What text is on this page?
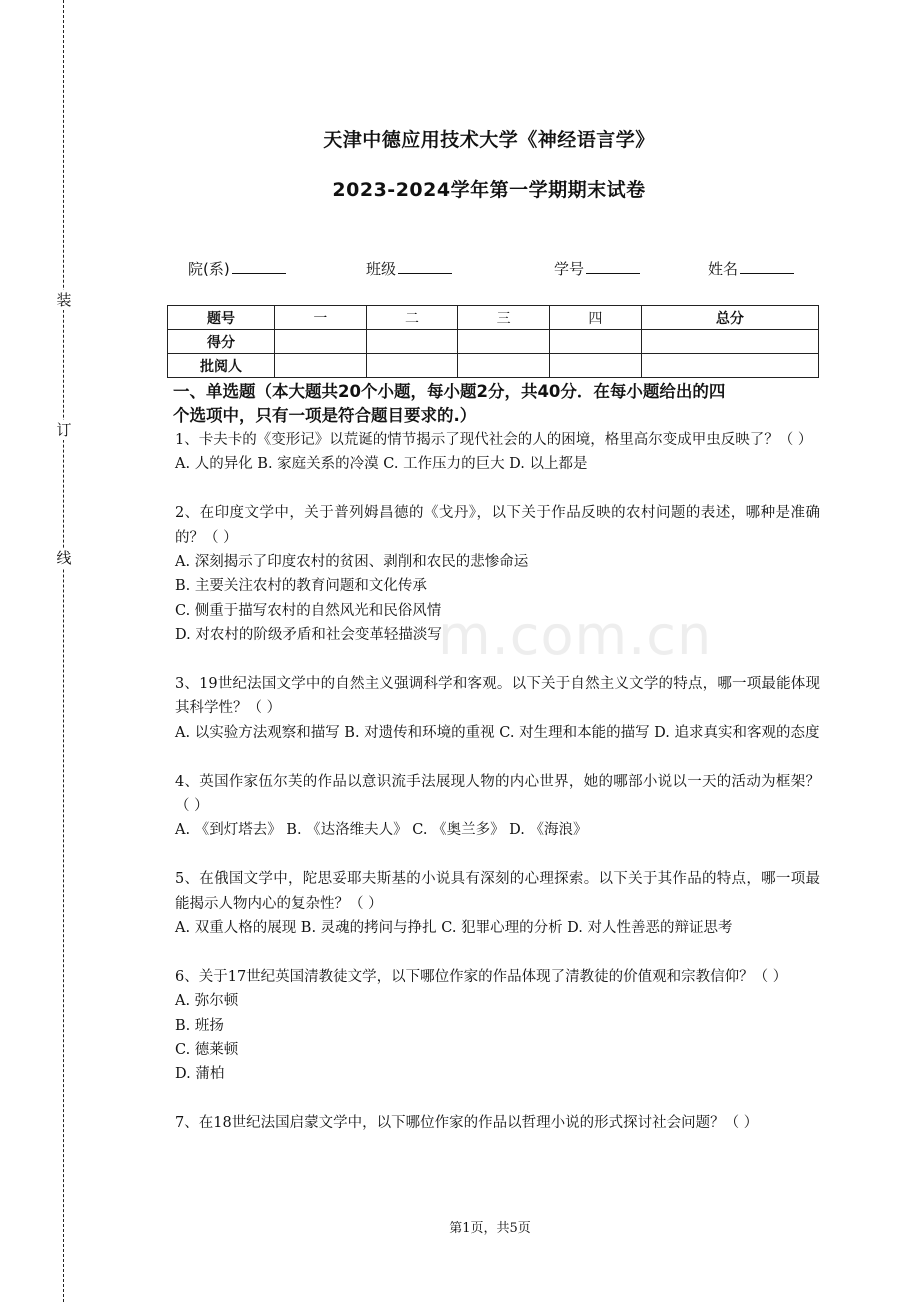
装
订
线
天津中德应用技术大学《神经语言学》
2023-2024学年第一学期期末试卷
院(系)	班级	学号	姓名
题号	一	二	三	四	总分
得分					
批阅人					
一、单选题（本大题共20个小题，每小题2分，共40分．在每小题给出的四
个选项中，只有一项是符合题目要求的.）
1、卡夫卡的《变形记》以荒诞的情节揭示了现代社会的人的困境，格里高尔变成甲虫反映了？（ ）
A. 人的异化 B. 家庭关系的冷漠 C. 工作压力的巨大 D. 以上都是
2、在印度文学中，关于普列姆昌德的《戈丹》，以下关于作品反映的农村问题的表述，哪种是准确的？（ ）
A. 深刻揭示了印度农村的贫困、剥削和农民的悲惨命运
B. 主要关注农村的教育问题和文化传承
C. 侧重于描写农村的自然风光和民俗风情
D. 对农村的阶级矛盾和社会变革轻描淡写
3、19世纪法国文学中的自然主义强调科学和客观。以下关于自然主义文学的特点，哪一项最能体现其科学性？（ ）
A. 以实验方法观察和描写 B. 对遗传和环境的重视 C. 对生理和本能的描写 D. 追求真实和客观的态度
4、英国作家伍尔芙的作品以意识流手法展现人物的内心世界，她的哪部小说以一天的活动为框架？（ ）
A. 《到灯塔去》 B. 《达洛维夫人》 C. 《奥兰多》 D. 《海浪》
5、在俄国文学中，陀思妥耶夫斯基的小说具有深刻的心理探索。以下关于其作品的特点，哪一项最能揭示人物内心的复杂性？（ ）
A. 双重人格的展现 B. 灵魂的拷问与挣扎 C. 犯罪心理的分析 D. 对人性善恶的辩证思考
6、关于17世纪英国清教徒文学，以下哪位作家的作品体现了清教徒的价值观和宗教信仰？（ ）
A. 弥尔顿
B. 班扬
C. 德莱顿
D. 蒲柏
7、在18世纪法国启蒙文学中，以下哪位作家的作品以哲理小说的形式探讨社会问题？（ ）
m.com.cn
第1页，共5页
